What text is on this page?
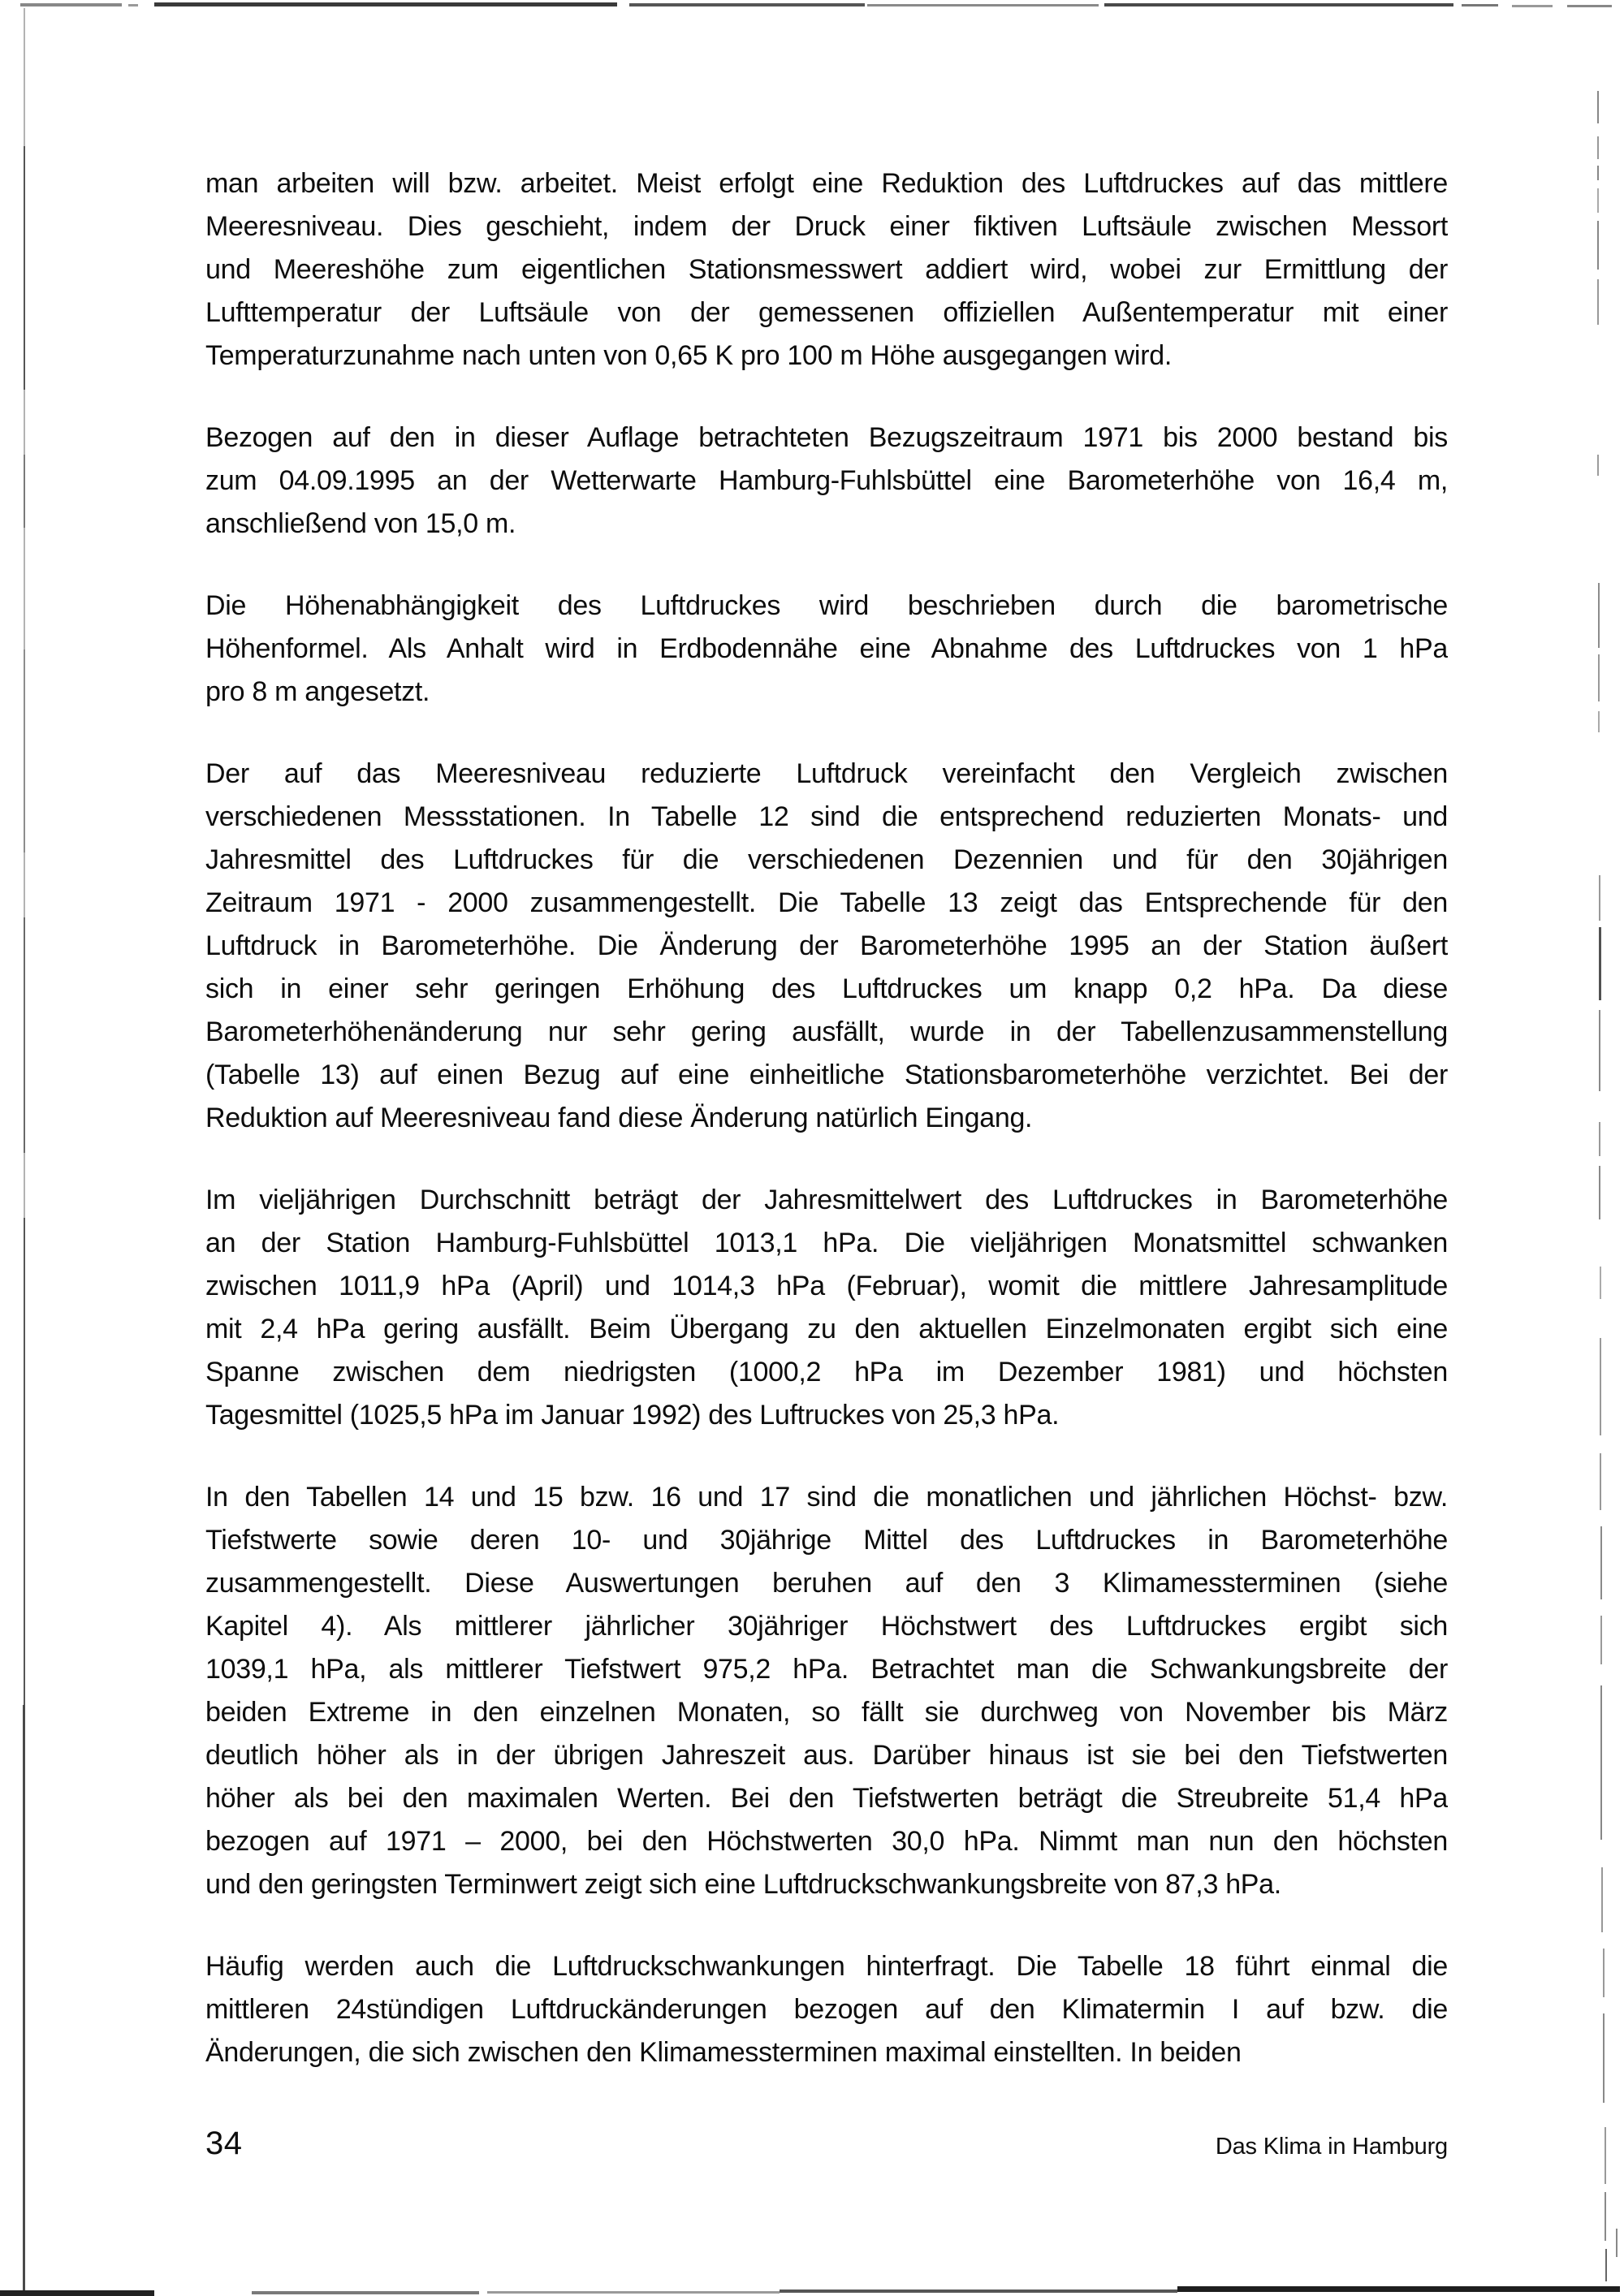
man arbeiten will bzw. arbeitet. Meist erfolgt eine Reduktion des Luftdruckes auf das mittlere
Meeresniveau. Dies geschieht, indem der Druck einer fiktiven Luftsäule zwischen Messort
und Meereshöhe zum eigentlichen Stationsmesswert addiert wird, wobei zur Ermittlung der
Lufttemperatur der Luftsäule von der gemessenen offiziellen Außentemperatur mit einer
Temperaturzunahme nach unten von 0,65 K pro 100 m Höhe ausgegangen wird.
Bezogen auf den in dieser Auflage betrachteten Bezugszeitraum 1971 bis 2000 bestand bis
zum 04.09.1995 an der Wetterwarte Hamburg-Fuhlsbüttel eine Barometerhöhe von 16,4 m,
anschließend von 15,0 m.
Die Höhenabhängigkeit des Luftdruckes wird beschrieben durch die barometrische
Höhenformel. Als Anhalt wird in Erdbodennähe eine Abnahme des Luftdruckes von 1 hPa
pro 8 m angesetzt.
Der auf das Meeresniveau reduzierte Luftdruck vereinfacht den Vergleich zwischen
verschiedenen Messstationen. In Tabelle 12 sind die entsprechend reduzierten Monats- und
Jahresmittel des Luftdruckes für die verschiedenen Dezennien und für den 30jährigen
Zeitraum 1971 - 2000 zusammengestellt. Die Tabelle 13 zeigt das Entsprechende für den
Luftdruck in Barometerhöhe. Die Änderung der Barometerhöhe 1995 an der Station äußert
sich in einer sehr geringen Erhöhung des Luftdruckes um knapp 0,2 hPa. Da diese
Barometerhöhenänderung nur sehr gering ausfällt, wurde in der Tabellenzusammenstellung
(Tabelle 13) auf einen Bezug auf eine einheitliche Stationsbarometerhöhe verzichtet. Bei der
Reduktion auf Meeresniveau fand diese Änderung natürlich Eingang.
Im vieljährigen Durchschnitt beträgt der Jahresmittelwert des Luftdruckes in Barometerhöhe
an der Station Hamburg-Fuhlsbüttel 1013,1 hPa. Die vieljährigen Monatsmittel schwanken
zwischen 1011,9 hPa (April) und 1014,3 hPa (Februar), womit die mittlere Jahresamplitude
mit 2,4 hPa gering ausfällt. Beim Übergang zu den aktuellen Einzelmonaten ergibt sich eine
Spanne zwischen dem niedrigsten (1000,2 hPa im Dezember 1981) und höchsten
Tagesmittel (1025,5 hPa im Januar 1992) des Luftruckes von 25,3 hPa.
In den Tabellen 14 und 15 bzw. 16 und 17 sind die monatlichen und jährlichen Höchst- bzw.
Tiefstwerte sowie deren 10- und 30jährige Mittel des Luftdruckes in Barometerhöhe
zusammengestellt. Diese Auswertungen beruhen auf den 3 Klimamessterminen (siehe
Kapitel 4). Als mittlerer jährlicher 30jähriger Höchstwert des Luftdruckes ergibt sich
1039,1 hPa, als mittlerer Tiefstwert 975,2 hPa. Betrachtet man die Schwankungsbreite der
beiden Extreme in den einzelnen Monaten, so fällt sie durchweg von November bis März
deutlich höher als in der übrigen Jahreszeit aus. Darüber hinaus ist sie bei den Tiefstwerten
höher als bei den maximalen Werten. Bei den Tiefstwerten beträgt die Streubreite 51,4 hPa
bezogen auf 1971 – 2000, bei den Höchstwerten 30,0 hPa. Nimmt man nun den höchsten
und den geringsten Terminwert zeigt sich eine Luftdruckschwankungsbreite von 87,3 hPa.
Häufig werden auch die Luftdruckschwankungen hinterfragt. Die Tabelle 18 führt einmal die
mittleren 24stündigen Luftdruckänderungen bezogen auf den Klimatermin I auf bzw. die
Änderungen, die sich zwischen den Klimamessterminen maximal einstellten. In beiden
34	Das Klima in Hamburg
